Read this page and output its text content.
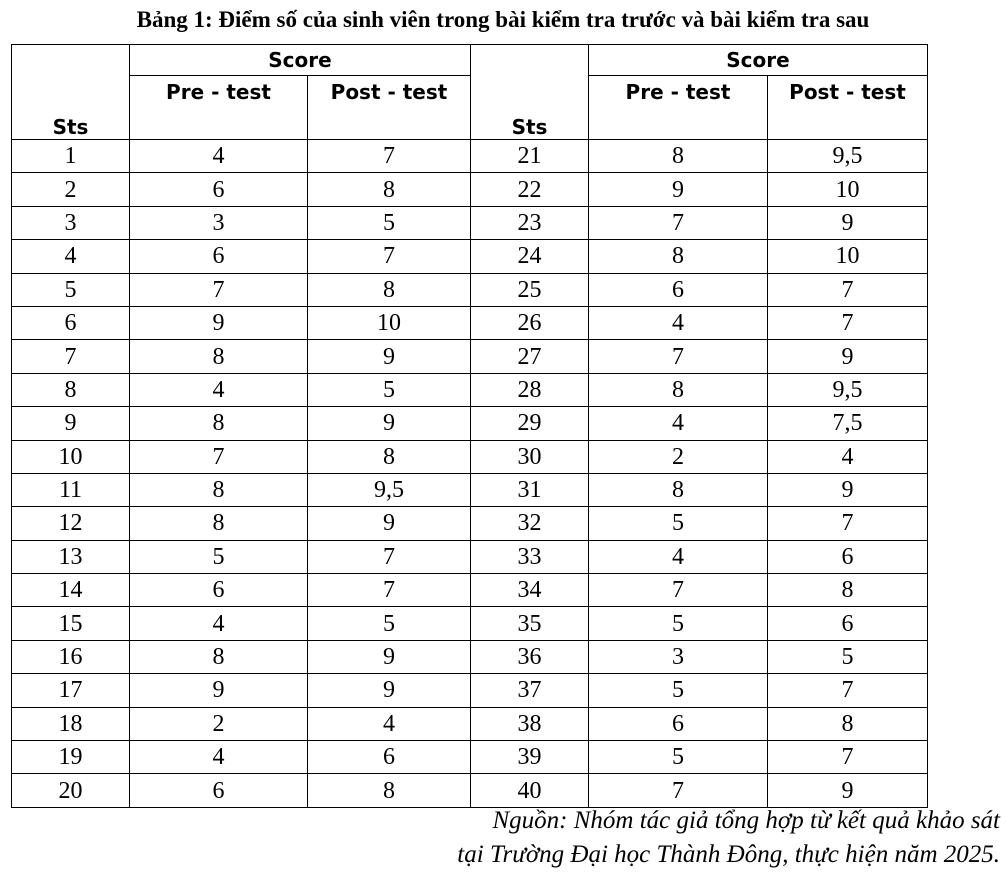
Bảng 1: Điểm số của sinh viên trong bài kiểm tra trước và bài kiểm tra sau
Sts	Score		Sts	Score	
	Pre - test	Post - test		Pre - test	Post - test
1	4	7	21	8	9,5
2	6	8	22	9	10
3	3	5	23	7	9
4	6	7	24	8	10
5	7	8	25	6	7
6	9	10	26	4	7
7	8	9	27	7	9
8	4	5	28	8	9,5
9	8	9	29	4	7,5
10	7	8	30	2	4
11	8	9,5	31	8	9
12	8	9	32	5	7
13	5	7	33	4	6
14	6	7	34	7	8
15	4	5	35	5	6
16	8	9	36	3	5
17	9	9	37	5	7
18	2	4	38	6	8
19	4	6	39	5	7
20	6	8	40	7	9
Nguồn: Nhóm tác giả tổng hợp từ kết quả khảo sát
tại Trường Đại học Thành Đông, thực hiện năm 2025.
